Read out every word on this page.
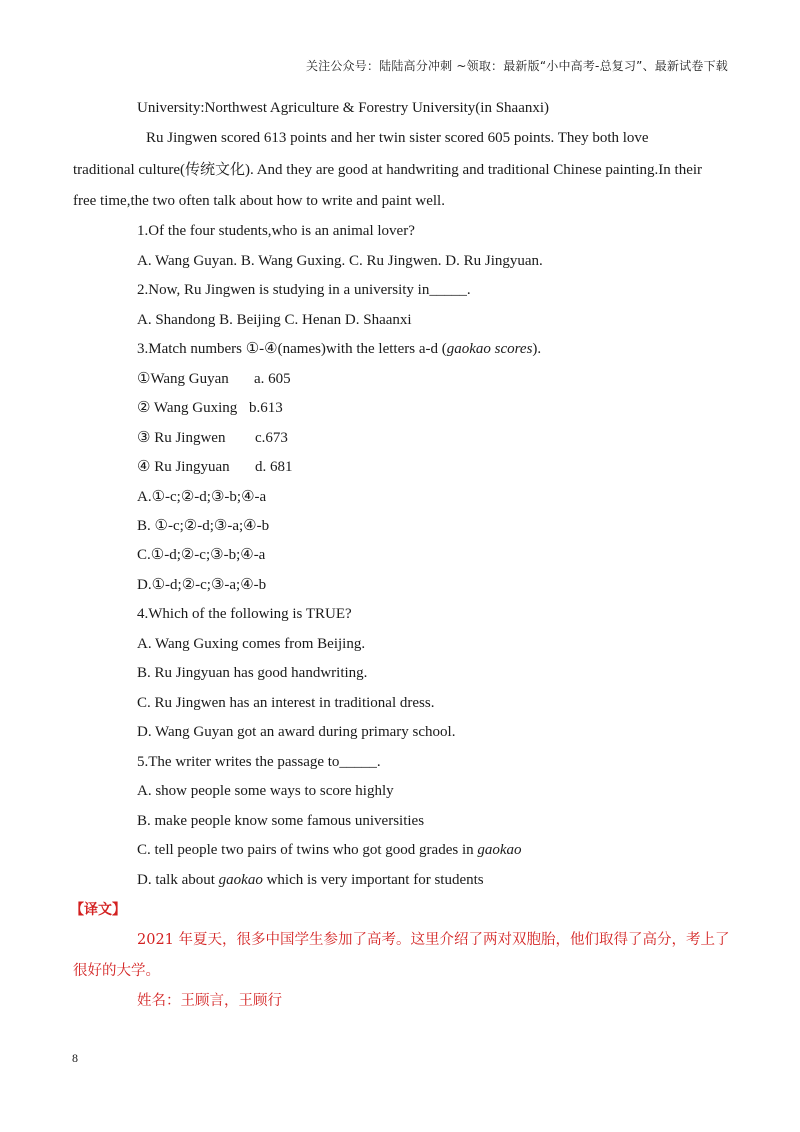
关注公众号：陆陆高分冲刺 ~领取：最新版“小中高考-总复习”、最新试卷下载
University:Northwest Agriculture & Forestry University(in Shaanxi)
Ru Jingwen scored 613 points and her twin sister scored 605 points. They both love
traditional culture(传统文化). And they are good at handwriting and traditional Chinese painting.In their
free time,the two often talk about how to write and paint well.
1.Of the four students,who is an animal lover?
A. Wang Guyan. B. Wang Guxing. C. Ru Jingwen. D. Ru Jingyuan.
2.Now, Ru Jingwen is studying in a university in_____.
A. Shandong B. Beijing C. Henan D. Shaanxi
3.Match numbers ①-④(names)with the letters a-d (gaokao scores).
①Wang Guyan a. 605
② Wang Guxing b.613
③ Ru Jingwen c.673
④ Ru Jingyuan d. 681
A.①-c;②-d;③-b;④-a
B. ①-c;②-d;③-a;④-b
C.①-d;②-c;③-b;④-a
D.①-d;②-c;③-a;④-b
4.Which of the following is TRUE?
A. Wang Guxing comes from Beijing.
B. Ru Jingyuan has good handwriting.
C. Ru Jingwen has an interest in traditional dress.
D. Wang Guyan got an award during primary school.
5.The writer writes the passage to_____.
A. show people some ways to score highly
B. make people know some famous universities
C. tell people two pairs of twins who got good grades in gaokao
D. talk about gaokao which is very important for students
【译文】
2021 年夏天，很多中国学生参加了高考。这里介绍了两对双胞胎，他们取得了高分，考上了
很好的大学。
姓名：王顾言，王顾行
8
